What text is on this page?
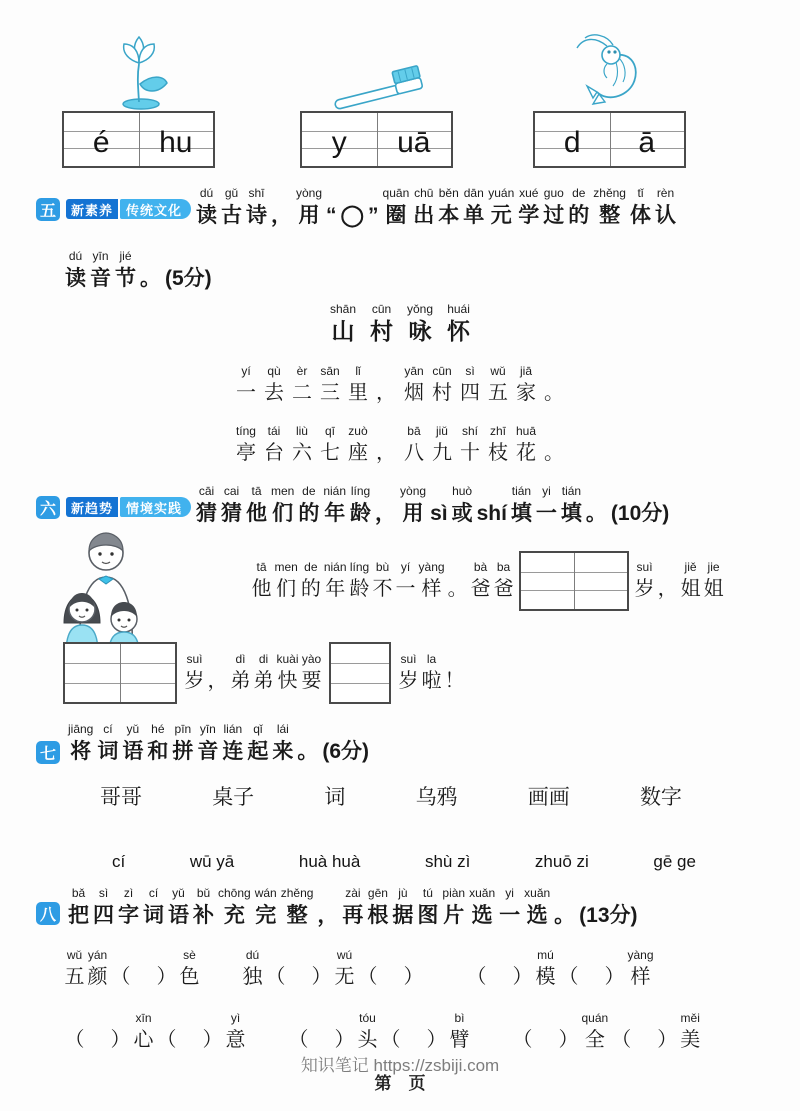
é hu	y uā	d ā
五	新素养	传统文化
dú
读
gǔ
古
shī
诗 ，
yòng
用 “ ◯ ”
quān
圈
chū
出
běn
本
dān
单
yuán
元
xué
学
guo
过
de
的
zhěng
整
tǐ
体
rèn
认
dú
读
yīn
音
jié
节 。 (5分)
shān
山
cūn
村
yǒng
咏
huái
怀
yí
一
qù
去
èr
二
sān
三
lǐ
里 ，
yān
烟
cūn
村
sì
四
wǔ
五
jiā
家 。
tíng
亭
tái
台
liù
六
qī
七
zuò
座 ，
bā
八
jiǔ
九
shí
十
zhī
枝
huā
花 。
六	新趋势	情境实践
cāi
猜
cai
猜
tā
他
men
们
de
的
nián
年
líng
龄 ，
yòng
用 sì
huò
或 shí
tián
填
yi
一
tián
填 。 (10分)
tā
他
men
们
de
的
nián
年
líng
龄
bù
不
yí
一
yàng
样 。
bà
爸
ba
爸
suì
岁 ，
jiě
姐
jie
姐
suì
岁 ，
dì
弟
di
弟
kuài
快
yào
要
suì
岁
la
啦 ！
七
jiāng
将
cí
词
yǔ
语
hé
和
pīn
拼
yīn
音
lián
连
qǐ
起
lái
来 。 (6分)
哥哥	桌子	词	乌鸦	画画	数字
cí	wū yā	huà huà	shù zì	zhuō zi	gē ge
八
bǎ
把
sì
四
zì
字
cí
词
yǔ
语
bǔ
补
chōng
充
wán
完
zhěng
整 ，
zài
再
gēn
根
jù
据
tú
图
piàn
片
xuǎn
选
yi
一
xuǎn
选 。 (13分)
wǔ
五
yán
颜 （
　 ）
sè
色
dú
独 （
　 ）
wú
无 （
　 ） （
　 ）
mú
模 （
　 ）
yàng
样
（
　 ）
xīn
心 （
　 ）
yì
意 （
　 ）
tóu
头 （
　 ）
bì
臂 （
　 ）
quán
全 （
　 ）
měi
美
知识笔记 https://zsbiji.com
第　页
